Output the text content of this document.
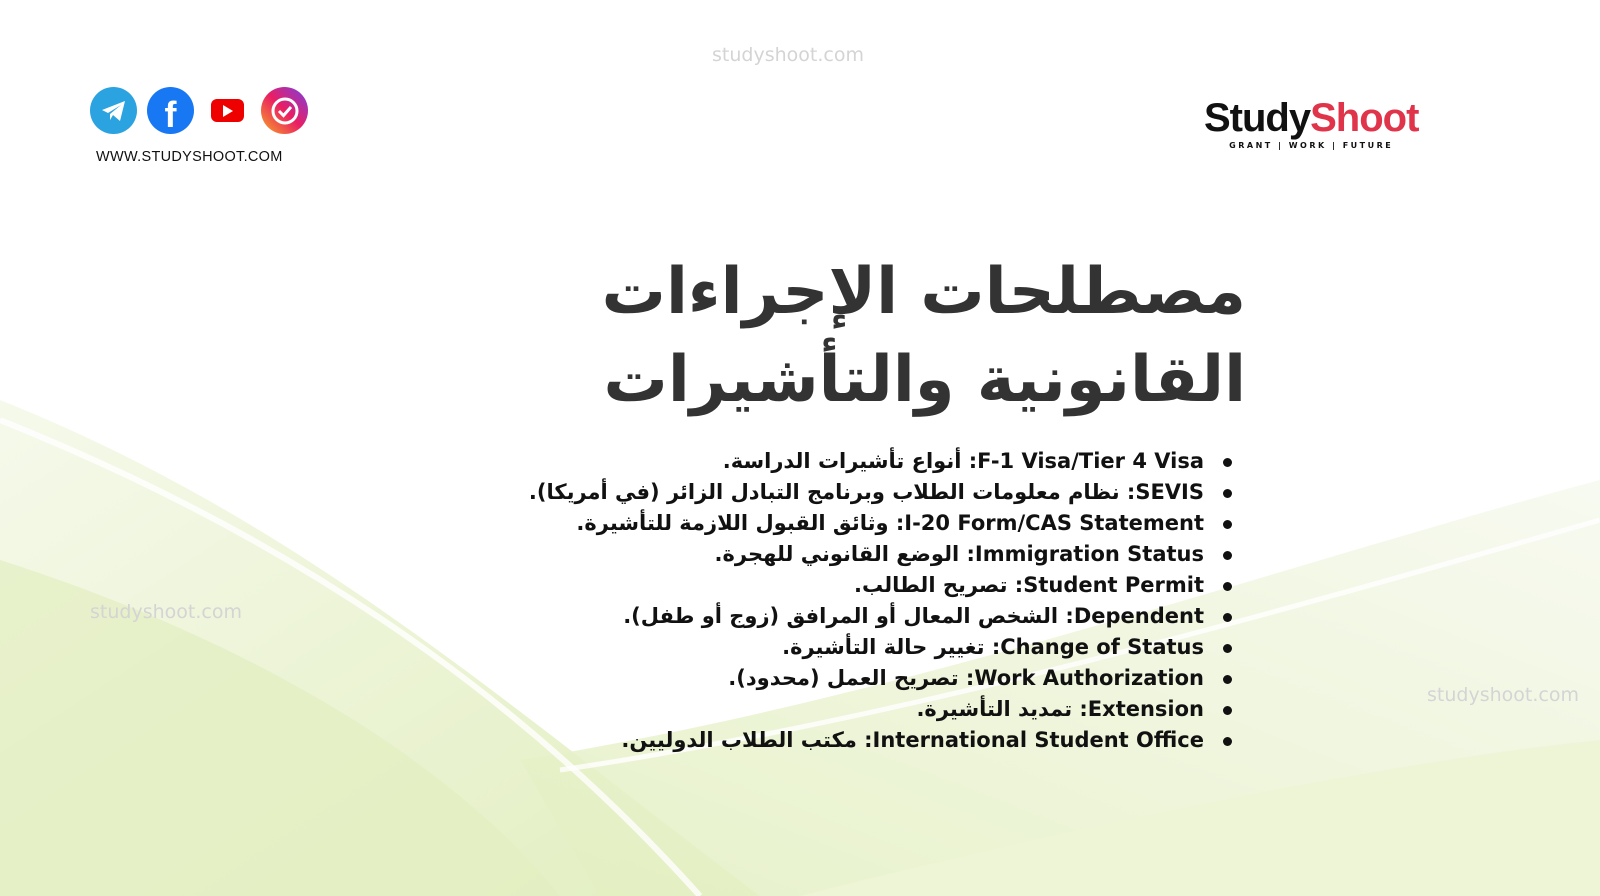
studyshoot.com
studyshoot.com
studyshoot.com
f
WWW.STUDYSHOOT.COM
StudyShoot
GRANT | WORK | FUTURE
مصطلحات الإجراءات
القانونية والتأشيرات
F-1 Visa/Tier 4 Visa: أنواع تأشيرات الدراسة.
SEVIS: نظام معلومات الطلاب وبرنامج التبادل الزائر (في أمريكا).
I-20 Form/CAS Statement: وثائق القبول اللازمة للتأشيرة.
Immigration Status: الوضع القانوني للهجرة.
Student Permit: تصريح الطالب.
Dependent: الشخص المعال أو المرافق (زوج أو طفل).
Change of Status: تغيير حالة التأشيرة.
Work Authorization: تصريح العمل (محدود).
Extension: تمديد التأشيرة.
International Student Office: مكتب الطلاب الدوليين.
